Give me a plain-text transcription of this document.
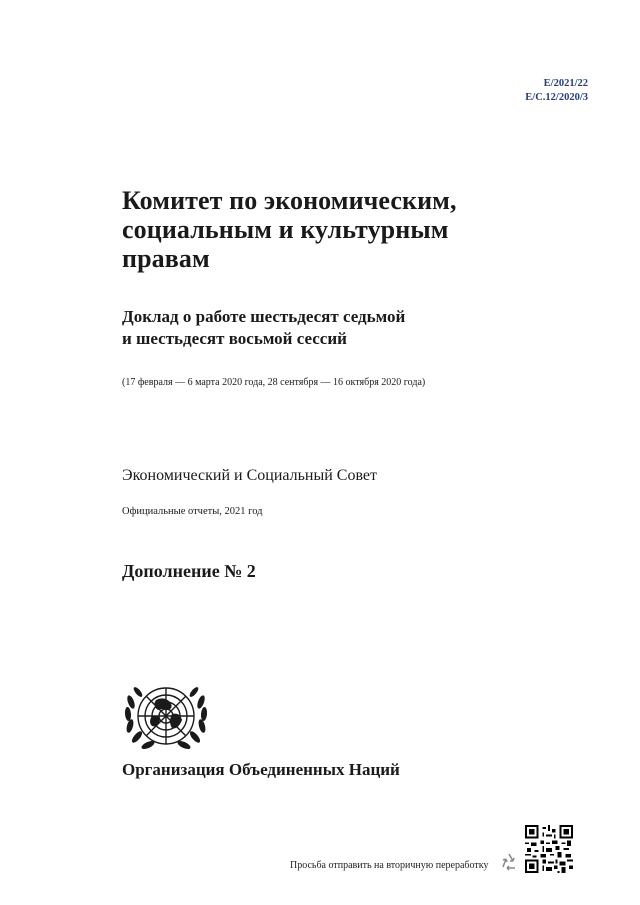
E/2021/22
E/C.12/2020/3
Комитет по экономическим,
социальным и культурным
правам
Доклад о работе шестьдесят седьмой
и шестьдесят восьмой сессий
(17 февраля — 6 марта 2020 года, 28 сентября — 16 октября 2020 года)
Экономический и Социальный Совет
Официальные отчеты, 2021 год
Дополнение № 2
Организация Объединенных Наций
Просьба отправить на вторичную переработку
